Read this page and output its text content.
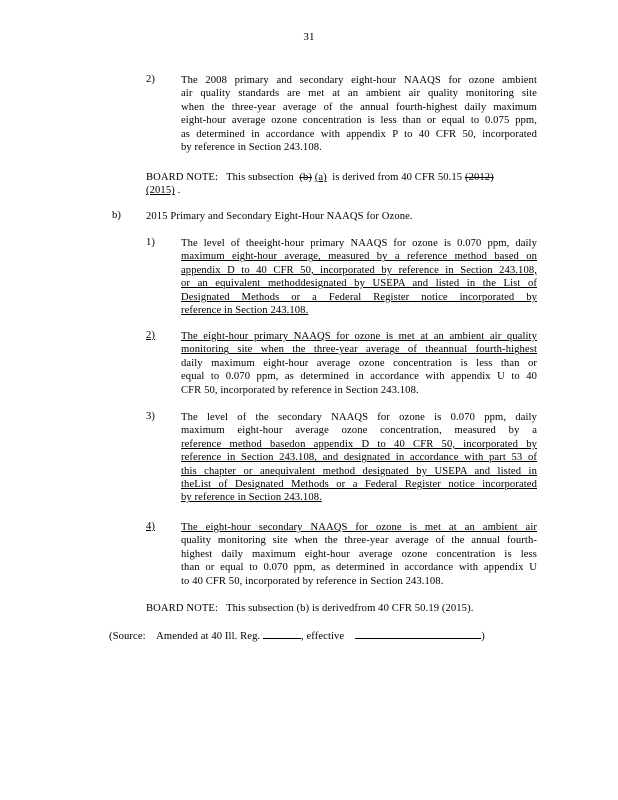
31
2) The 2008 primary and secondary eight-hour NAAQS for ozone ambient
air quality standards are met at an ambient air quality monitoring site
when the three-year average of the annual fourth-highest daily maximum
eight-hour average ozone concentration is less than or equal to 0.075 ppm,
as determined in accordance with appendix P to 40 CFR 50, incorporated
by reference in Section 243.108.
BOARD NOTE: This subsection (b) (a) is derived from 40 CFR 50.15 (2012)
(2015) .
b) 2015 Primary and Secondary Eight-Hour NAAQS for Ozone.
1) The level of theeight-hour primary NAAQS for ozone is 0.070 ppm, daily
maximum eight-hour average, measured by a reference method based on
appendix D to 40 CFR 50, incorporated by reference in Section 243.108,
or an equivalent methoddesignated by USEPA and listed in the List of
Designated Methods or a Federal Register notice incorporated by
reference in Section 243.108.
2) The eight-hour primary NAAQS for ozone is met at an ambient air quality
monitoring site when the three-year average of theannual fourth-highest
daily maximum eight-hour average ozone concentration is less than or
equal to 0.070 ppm, as determined in accordance with appendix U to 40
CFR 50, incorporated by reference in Section 243.108.
3) The level of the secondary NAAQS for ozone is 0.070 ppm, daily
maximum eight-hour average ozone concentration, measured by a
reference method basedon appendix D to 40 CFR 50, incorporated by
reference in Section 243.108, and designated in accordance with part 53 of
this chapter or anequivalent method designated by USEPA and listed in
theList of Designated Methods or a Federal Register notice incorporated
by reference in Section 243.108.
4) The eight-hour secondary NAAQS for ozone is met at an ambient air
quality monitoring site when the three-year average of the annual fourth-
highest daily maximum eight-hour average ozone concentration is less
than or equal to 0.070 ppm, as determined in accordance with appendix U
to 40 CFR 50, incorporated by reference in Section 243.108.
BOARD NOTE: This subsection (b) is derivedfrom 40 CFR 50.19 (2015).
(Source: Amended at 40 Ill. Reg.	, effective	)
